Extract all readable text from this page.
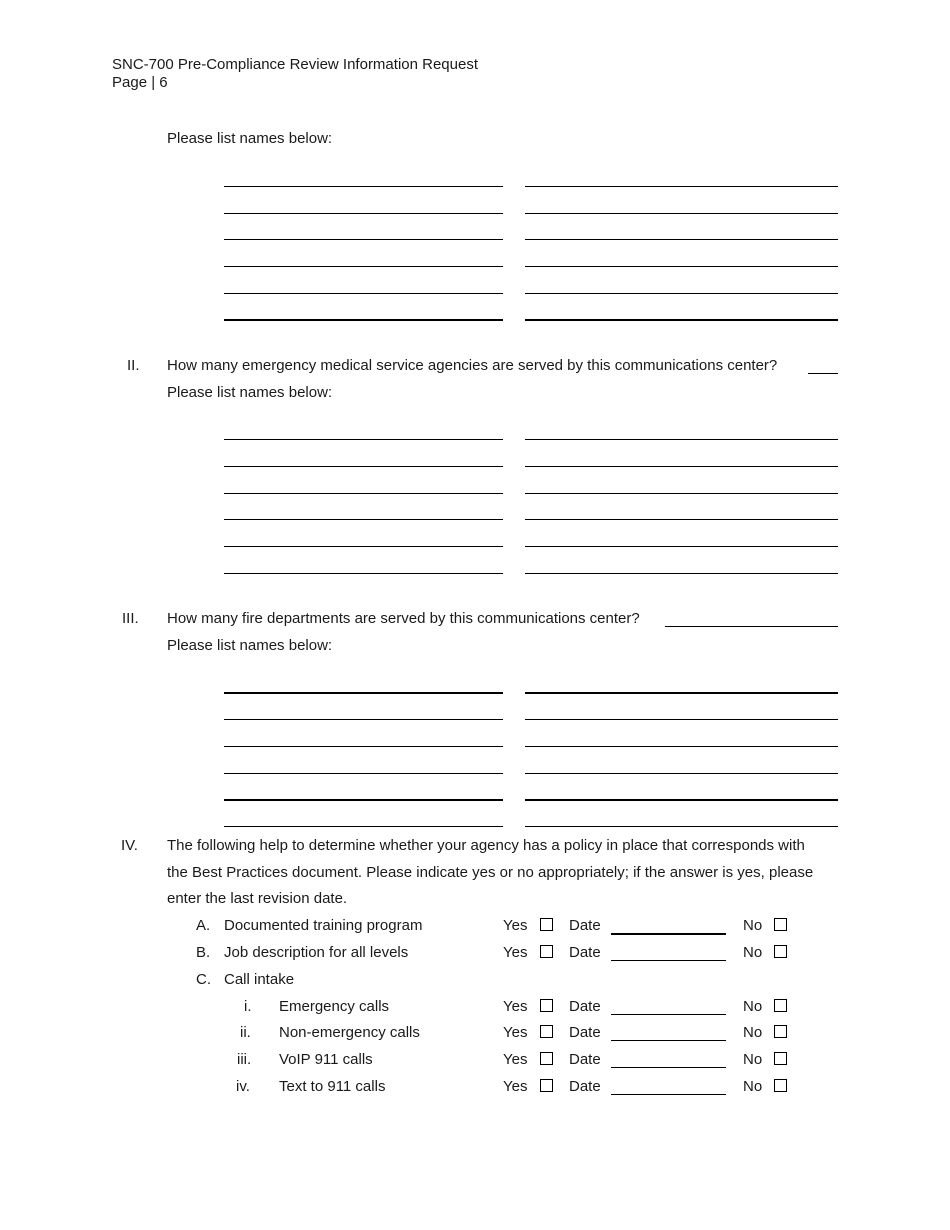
SNC-700 Pre-Compliance Review Information Request
Page | 6
Please list names below:
II. How many emergency medical service agencies are served by this communications center?
Please list names below:
III. How many fire departments are served by this communications center?
Please list names below:
IV. The following help to determine whether your agency has a policy in place that corresponds with
the Best Practices document. Please indicate yes or no appropriately; if the answer is yes, please
enter the last revision date.
A. Documented training program	Yes	Date	No
B. Job description for all levels	Yes	Date	No
C. Call intake
i. Emergency calls	Yes	Date	No
ii. Non-emergency calls	Yes	Date	No
iii. VoIP 911 calls	Yes	Date	No
iv. Text to 911 calls	Yes	Date	No
